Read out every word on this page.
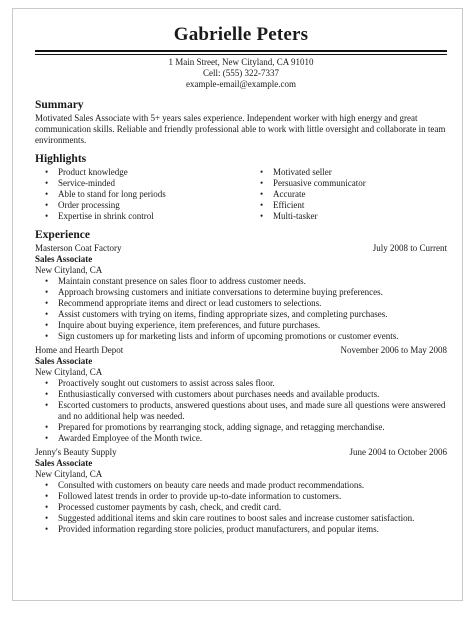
Gabrielle Peters
1 Main Street, New Cityland, CA 91010
Cell: (555) 322-7337
example-email@example.com
Summary
Motivated Sales Associate with 5+ years sales experience. Independent worker with high energy and great communication skills. Reliable and friendly professional able to work with little oversight and collaborate in team environments.
Highlights
•	Product knowledge
•	Service-minded
•	Able to stand for long periods
•	Order processing
•	Expertise in shrink control
•	Motivated seller
•	Persuasive communicator
•	Accurate
•	Efficient
•	Multi-tasker
Experience
Masterson Coat Factory	July 2008 to Current
Sales Associate
New Cityland, CA
•	Maintain constant presence on sales floor to address customer needs.
•	Approach browsing customers and initiate conversations to determine buying preferences.
•	Recommend appropriate items and direct or lead customers to selections.
•	Assist customers with trying on items, finding appropriate sizes, and completing purchases.
•	Inquire about buying experience, item preferences, and future purchases.
•	Sign customers up for marketing lists and inform of upcoming promotions or customer events.
Home and Hearth Depot	November 2006 to May 2008
Sales Associate
New Cityland, CA
•	Proactively sought out customers to assist across sales floor.
•	Enthusiastically conversed with customers about purchases needs and available products.
•	Escorted customers to products, answered questions about uses, and made sure all questions were answered and no additional help was needed.
•	Prepared for promotions by rearranging stock, adding signage, and retagging merchandise.
•	Awarded Employee of the Month twice.
Jenny's Beauty Supply	June 2004 to October 2006
Sales Associate
New Cityland, CA
•	Consulted with customers on beauty care needs and made product recommendations.
•	Followed latest trends in order to provide up-to-date information to customers.
•	Processed customer payments by cash, check, and credit card.
•	Suggested additional items and skin care routines to boost sales and increase customer satisfaction.
•	Provided information regarding store policies, product manufacturers, and popular items.
